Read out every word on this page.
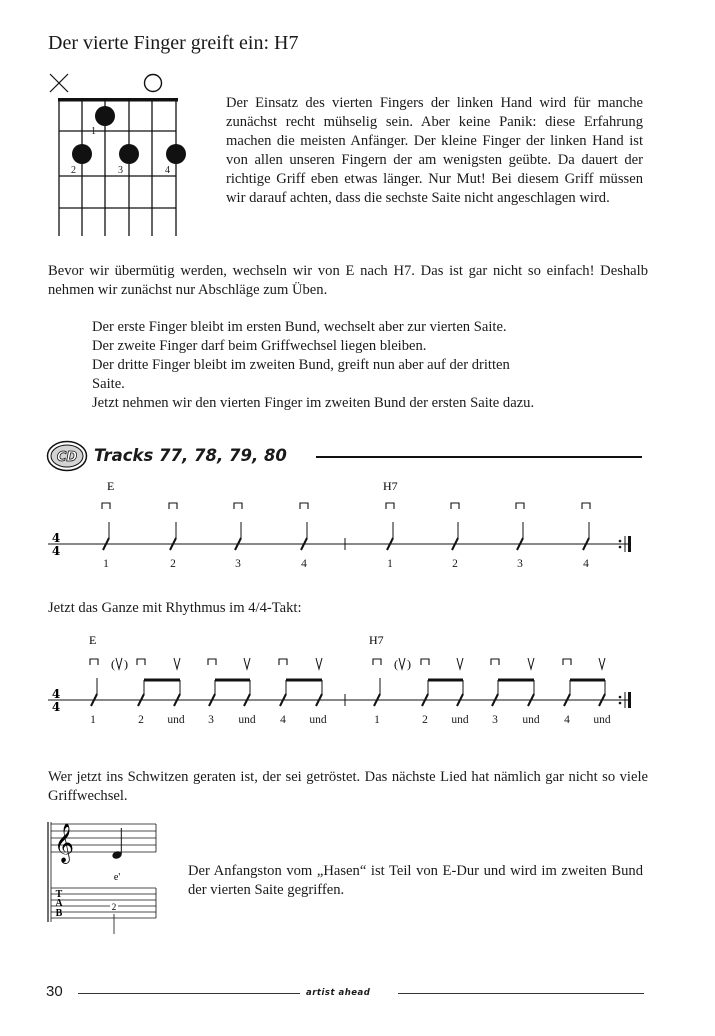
Der vierte Finger greift ein: H7
1
2	3	4

Der Einsatz des vierten Fingers der linken Hand wird für manche zunächst recht mühselig sein. Aber keine Panik: diese Erfahrung machen die meisten Anfänger. Der kleine Finger der linken Hand ist von allen unseren Fingern der am wenigsten geübte. Da dauert der richtige Griff eben etwas länger. Nur Mut! Bei diesem Griff müssen wir darauf achten, dass die sechste Saite nicht angeschlagen wird.

Bevor wir übermütig werden, wechseln wir von E nach H7. Das ist gar nicht so einfach! Deshalb nehmen wir zunächst nur Abschläge zum Üben.

Der erste Finger bleibt im ersten Bund, wechselt aber zur vierten Saite.
Der zweite Finger darf beim Griffwechsel liegen bleiben.
Der dritte Finger bleibt im zweiten Bund, greift nun aber auf der dritten
Saite.
Jetzt nehmen wir den vierten Finger im zweiten Bund der ersten Saite dazu.
CD Tracks 77, 78, 79, 80
4
4
E	H7
1	2	3	4	1	2	3	4

Jetzt das Ganze mit Rhythmus im 4/4-Takt:

4
4
E	H7
( )	( )
1	2 und 3 und 4 und	1	2 und 3 und 4 und

Wer jetzt ins Schwitzen geraten ist, der sei getröstet. Das nächste Lied hat nämlich gar nicht so viele Griffwechsel.

𝄞
e'
T
A
B
2

Der Anfangston vom „Hasen“ ist Teil von E-Dur und wird im zweiten Bund der vierten Saite gegriffen.

30	artist ahead
